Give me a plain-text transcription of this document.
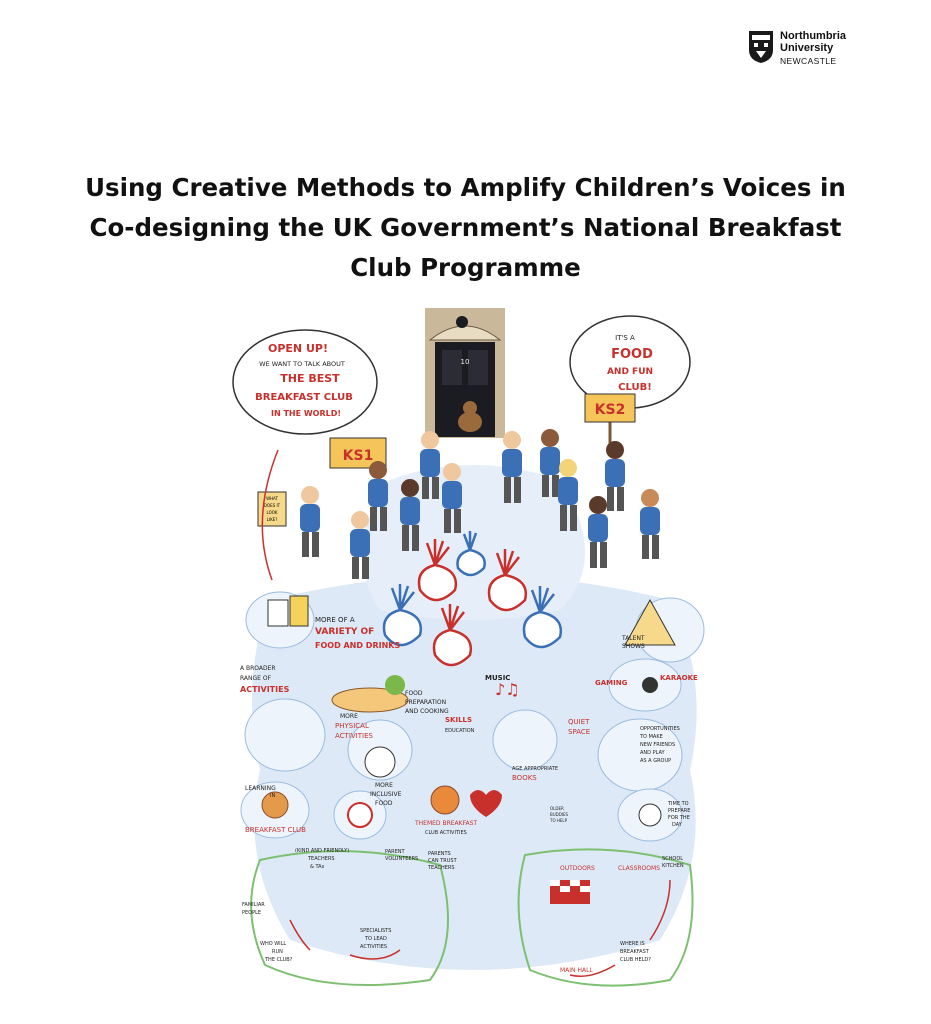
Northumbria
University
NEWCASTLE
Using Creative Methods to Amplify Children’s Voices in
Co-designing the UK Government’s National Breakfast
Club Programme
10
OPEN UP!
WE WANT TO TALK ABOUT
THE BEST
BREAKFAST CLUB
IN THE WORLD!
IT'S A
FOOD
AND FUN
CLUB!
KS1
KS2
WHAT
DOES IT
LOOK
LIKE?
♪♫
MORE OF A
VARIETY OF
FOOD AND DRINKS
TALENT
SHOWS
A BROADER
RANGE OF
ACTIVITIES
MUSIC
GAMING
KARAOKE
FOOD
PREPARATION
AND COOKING
SKILLS
EDUCATION
MORE
PHYSICAL
ACTIVITIES
QUIET
SPACE
AGE APPROPRIATE
BOOKS
OPPORTUNITIES
TO MAKE
NEW FRIENDS
AND PLAY
AS A GROUP
LEARNING
IN
BREAKFAST CLUB
MORE
INCLUSIVE
FOOD
THEMED BREAKFAST
CLUB ACTIVITIES
OLDER
BUDDIES
TO HELP
TIME TO
PREPARE
FOR THE
DAY
(KIND AND FRIENDLY)
TEACHERS
& TAs
PARENT
VOLUNTEERS
PARENTS
CAN TRUST
TEACHERS
FAMILIAR
PEOPLE
WHO WILL
RUN
THE CLUB?
SPECIALISTS
TO LEAD
ACTIVITIES
OUTDOORS	CLASSROOMS
SCHOOL
KITCHEN
MAIN HALL
WHERE IS
BREAKFAST
CLUB HELD?
